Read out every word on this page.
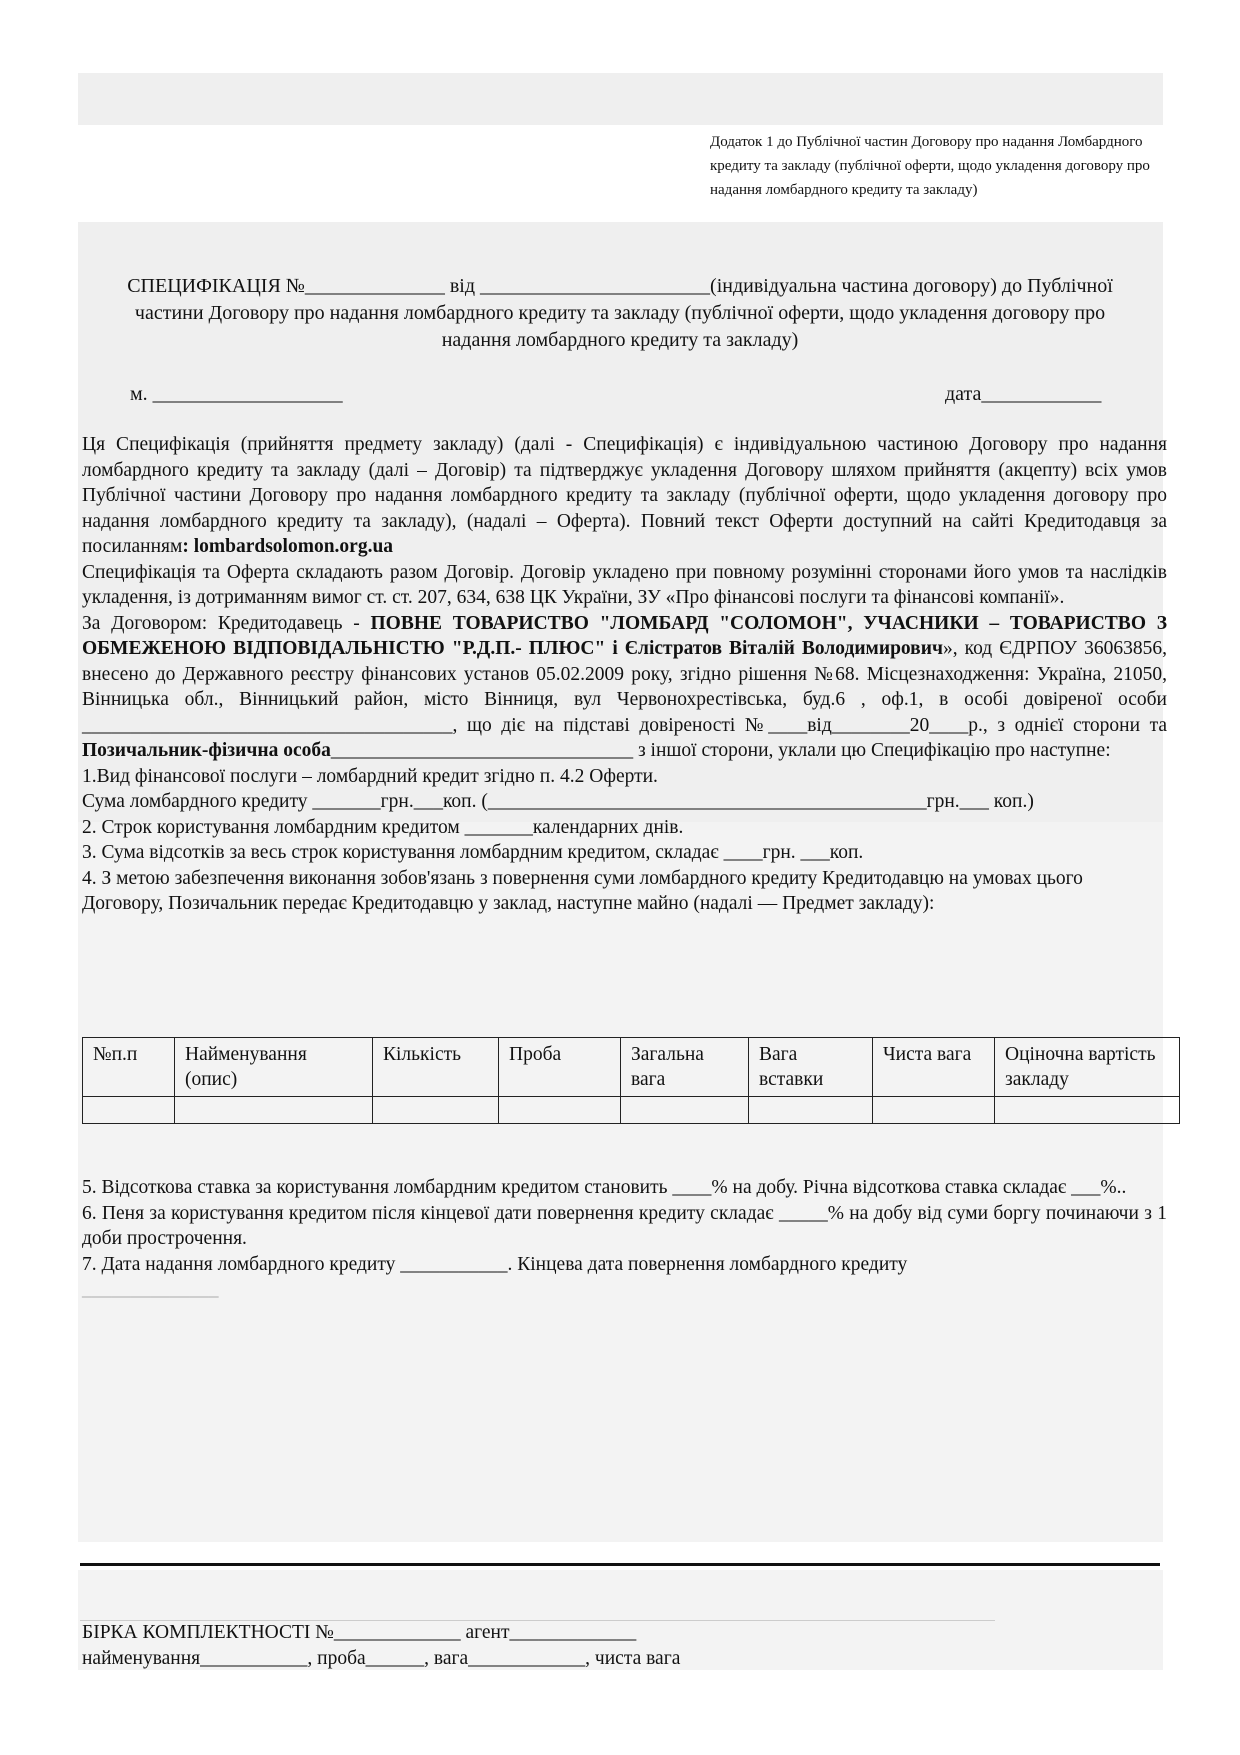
Додаток 1 до Публічної частин Договору про надання Ломбардного кредиту та закладу (публічної оферти, щодо укладення договору про надання ломбардного кредиту та закладу)
СПЕЦИФІКАЦІЯ №______________ від _______________________(індивідуальна частина договору) до Публічної частини Договору про надання ломбардного кредиту та закладу (публічної оферти, щодо укладення договору про надання ломбардного кредиту та закладу)
м. ___________________	дата____________

Ця Специфікація (прийняття предмету закладу) (далі - Специфікація) є індивідуальною частиною Договору про надання ломбардного кредиту та закладу (далі – Договір) та підтверджує укладення Договору шляхом прийняття (акцепту) всіх умов Публічної частини Договору про надання ломбардного кредиту та закладу (публічної оферти, щодо укладення договору про надання ломбардного кредиту та закладу), (надалі – Оферта). Повний текст Оферти доступний на сайті Кредитодавця за посиланням: lombardsolomon.org.ua

Специфікація та Оферта складають разом Договір. Договір укладено при повному розумінні сторонами його умов та наслідків укладення, із дотриманням вимог ст. ст. 207, 634, 638 ЦК України, ЗУ «Про фінансові послуги та фінансові компанії».

За Договором: Кредитодавець - ПОВНЕ ТОВАРИСТВО "ЛОМБАРД "СОЛОМОН", УЧАСНИКИ – ТОВАРИСТВО З ОБМЕЖЕНОЮ ВІДПОВІДАЛЬНІСТЮ "Р.Д.П.- ПЛЮС" і Єлістратов Віталій Володимирович», код ЄДРПОУ 36063856, внесено до Державного реєстру фінансових установ 05.02.2009 року, згідно рішення №68. Місцезнаходження: Україна, 21050, Вінницька обл., Вінницький район, місто Вінниця, вул Червонохрестівська, буд.6 , оф.1, в особі довіреної особи ______________________________________, що діє на підставі довіреності №____від________20____р., з однієї сторони та Позичальник-фізична особа_______________________________ з іншої сторони, уклали цю Специфікацію про наступне:

1.Вид фінансової послуги – ломбардний кредит згідно п. 4.2 Оферти.

Сума ломбардного кредиту _______грн.___коп. (_____________________________________________грн.___ коп.)

2. Строк користування ломбардним кредитом _______календарних днів.

3. Сума відсотків за весь строк користування ломбардним кредитом, складає ____грн. ___коп.

4. З метою забезпечення виконання зобов'язань з повернення суми ломбардного кредиту Кредитодавцю на умовах цього Договору, Позичальник передає Кредитодавцю у заклад, наступне майно (надалі — Предмет закладу):

№п.п	Найменування (опис)	Кількість	Проба	Загальна вага	Вага вставки	Чиста вага	Оціночна вартість закладу

5. Відсоткова ставка за користування ломбардним кредитом становить ____% на добу. Річна відсоткова ставка складає ___%..

6. Пеня за користування кредитом після кінцевої дати повернення кредиту складає _____% на добу від суми боргу починаючи з 1 доби прострочення.

7. Дата надання ломбардного кредиту ___________. Кінцева дата повернення ломбардного кредиту

______________

БІРКА КОМПЛЕКТНОСТІ №_____________ агент_____________
найменування___________, проба______, вага____________, чиста вага
